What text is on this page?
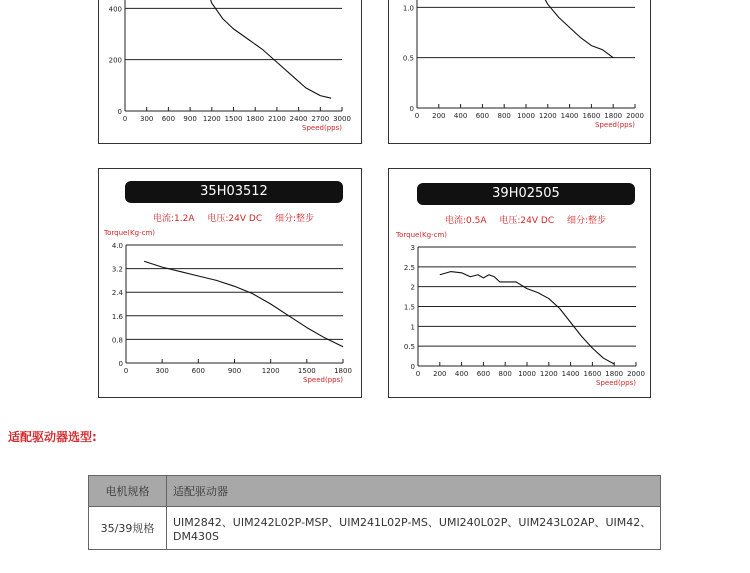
0
200
400
0 300 600 900 1200 1500 1800 2100 2400 2700 3000
Speed(pps)
0
0.5
1.0
0 200 400 600 800 1000 1200 1400 1600 1800 2000
Speed(pps)
35H03512
电流:1.2A 电压:24V DC 细分:整步
0
0.8
1.6
2.4
3.2
4.0
0	300	600	900	1200	1500	1800
Speed(pps)
Torque(Kg-cm)
39H02505
电流:0.5A 电压:24V DC 细分:整步
0
0.5
1
1.5
2
2.5
3
0 200 400 600 800 1000 1200 1400 1600 1800 2000
Speed(pps)
Torque(Kg-cm)
适配驱动器选型:
电机规格	适配驱动器
35/39规格	UIM2842、UIM242L02P-MSP、UIM241L02P-MS、UMI240L02P、UIM243L02AP、UIM42、DM430S
